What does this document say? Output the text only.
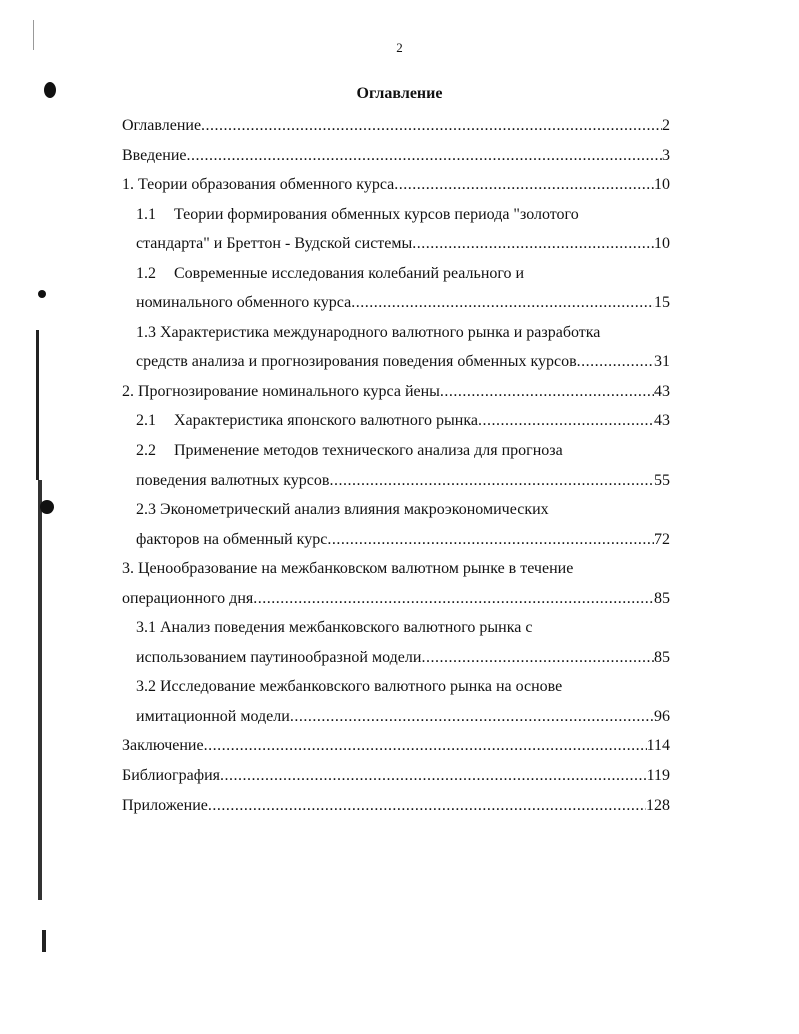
2
Оглавление
Оглавление .....	2
Введение .....	3
1. Теории образования обменного курса .....	10
1.1	Теории формирования обменных курсов периода "золотого
стандарта" и Бреттон - Вудской системы .....	10
1.2	Современные исследования колебаний реального и
номинального обменного курса .....	15
1.3 Характеристика международного валютного рынка и разработка
средств анализа и прогнозирования поведения обменных курсов .....	31
2. Прогнозирование номинального курса йены .....	43
2.1	Характеристика японского валютного рынка .....	43
2.2	Применение методов технического анализа для прогноза
поведения валютных курсов .....	55
2.3 Эконометрический анализ влияния макроэкономических
факторов на обменный курс .....	72
3. Ценообразование на межбанковском валютном рынке в течение
операционного дня .....	85
3.1 Анализ поведения межбанковского валютного рынка с
использованием паутинообразной модели .....	85
3.2 Исследование межбанковского валютного рынка на основе
имитационной модели .....	96
Заключение .....	114
Библиография .....	119
Приложение .....	128
